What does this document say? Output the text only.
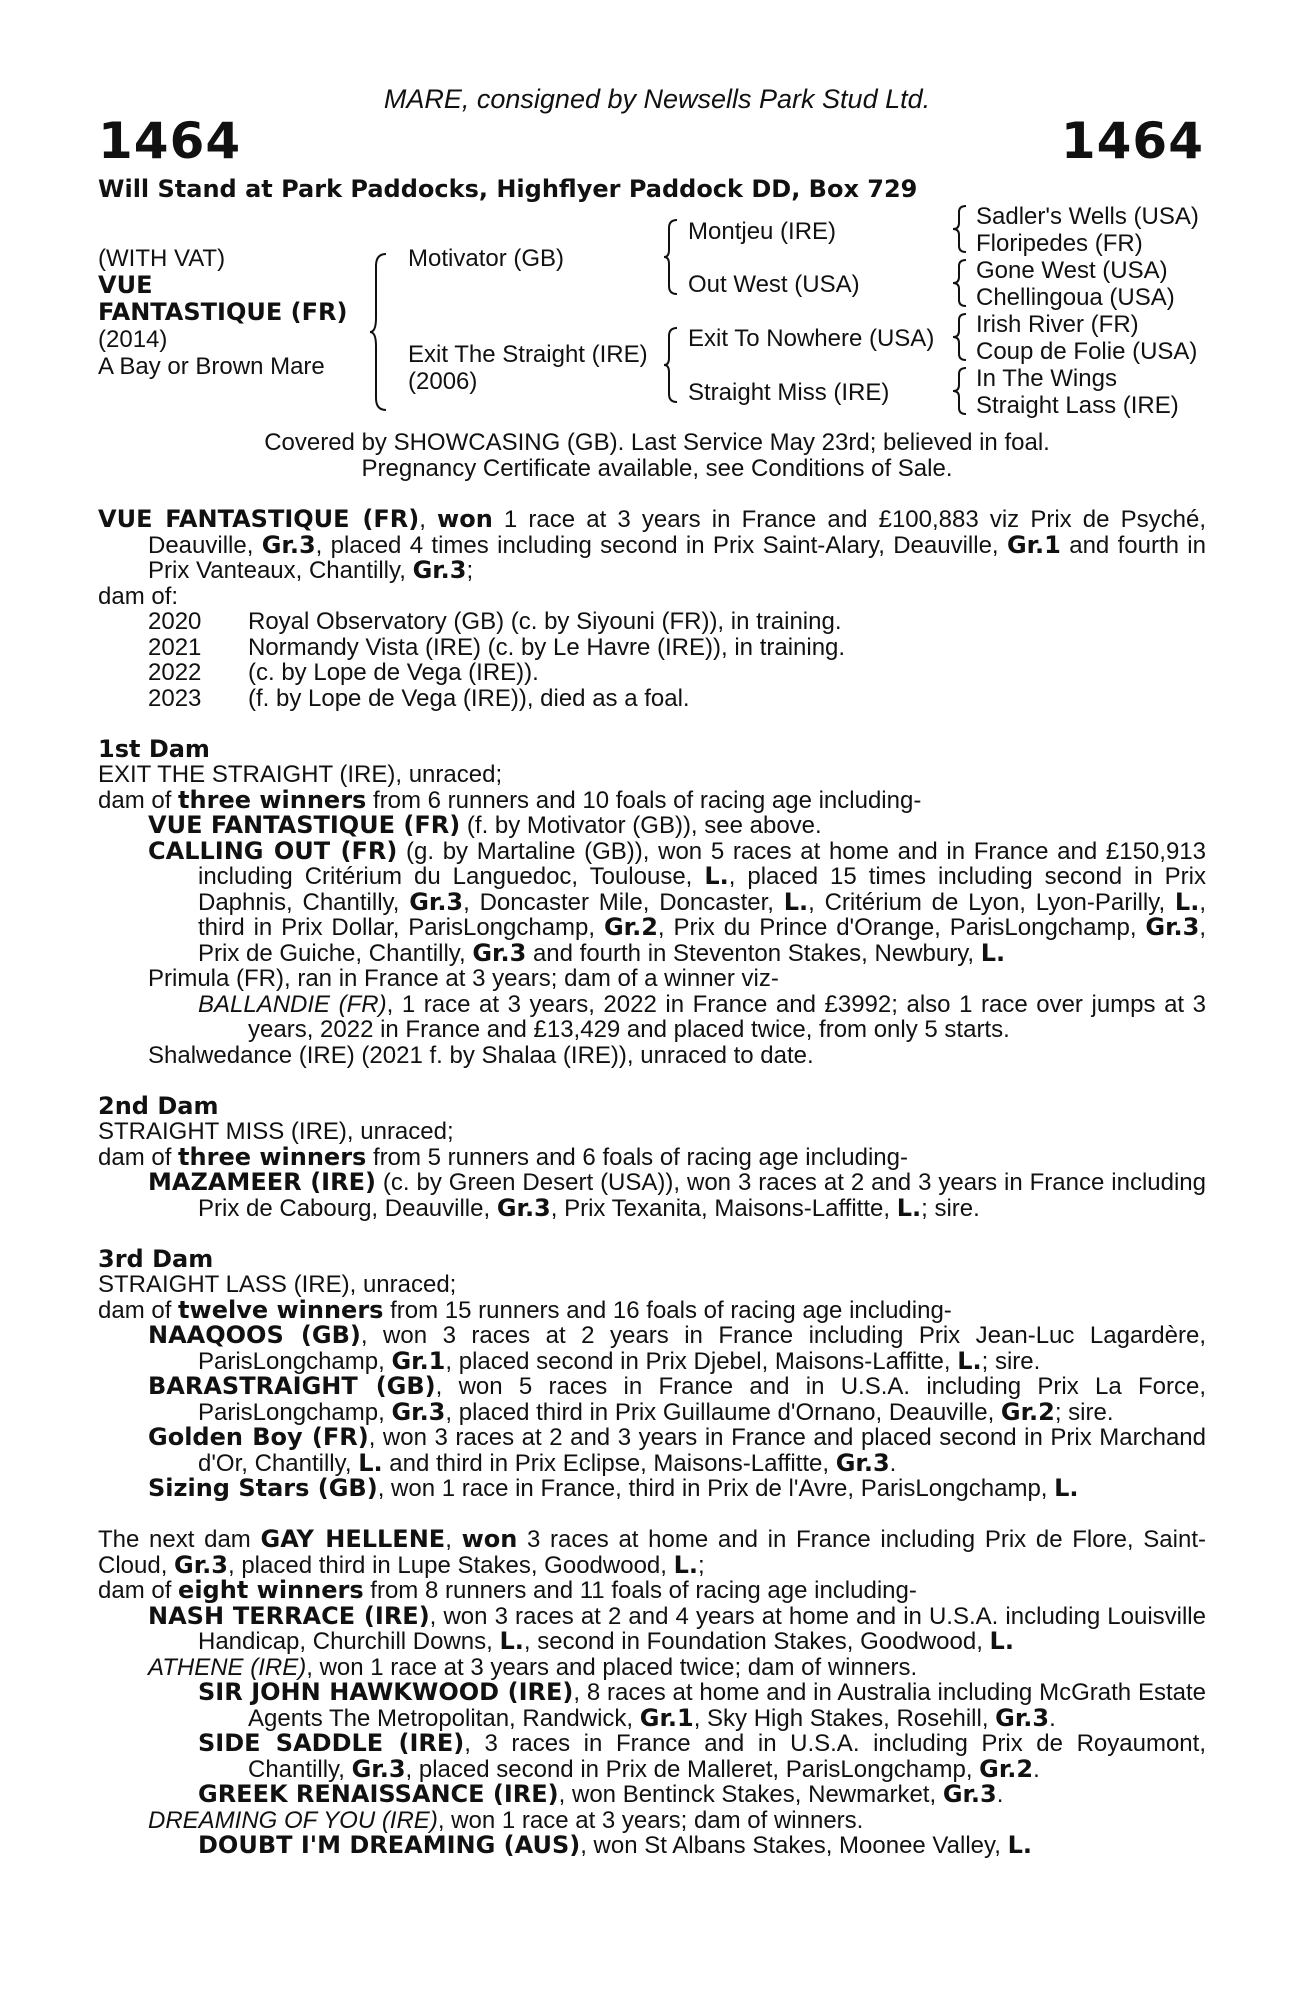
MARE, consigned by Newsells Park Stud Ltd.
1464	1464
Will Stand at Park Paddocks, Highflyer Paddock DD, Box 729
(WITH VAT)
VUE
FANTASTIQUE (FR)
(2014)
A Bay or Brown Mare
Motivator (GB)
Exit The Straight (IRE)
(2006)
Montjeu (IRE)
Out West (USA)
Exit To Nowhere (USA)
Straight Miss (IRE)
Sadler's Wells (USA)
Floripedes (FR)
Gone West (USA)
Chellingoua (USA)
Irish River (FR)
Coup de Folie (USA)
In The Wings
Straight Lass (IRE)
Covered by SHOWCASING (GB). Last Service May 23rd; believed in foal.
Pregnancy Certificate available, see Conditions of Sale.

VUE FANTASTIQUE (FR), won 1 race at 3 years in France and £100,883 viz Prix de Psyché, Deauville, Gr.3, placed 4 times including second in Prix Saint-Alary, Deauville, Gr.1 and fourth in Prix Vanteaux, Chantilly, Gr.3;

dam of:

2020	Royal Observatory (GB) (c. by Siyouni (FR)), in training.
2021	Normandy Vista (IRE) (c. by Le Havre (IRE)), in training.
2022	(c. by Lope de Vega (IRE)).
2023	(f. by Lope de Vega (IRE)), died as a foal.

1st Dam

EXIT THE STRAIGHT (IRE), unraced;

dam of three winners from 6 runners and 10 foals of racing age including-

VUE FANTASTIQUE (FR) (f. by Motivator (GB)), see above.

CALLING OUT (FR) (g. by Martaline (GB)), won 5 races at home and in France and £150,913 including Critérium du Languedoc, Toulouse, L., placed 15 times including second in Prix Daphnis, Chantilly, Gr.3, Doncaster Mile, Doncaster, L., Critérium de Lyon, Lyon-Parilly, L., third in Prix Dollar, ParisLongchamp, Gr.2, Prix du Prince d'Orange, ParisLongchamp, Gr.3, Prix de Guiche, Chantilly, Gr.3 and fourth in Steventon Stakes, Newbury, L.

Primula (FR), ran in France at 3 years; dam of a winner viz-

BALLANDIE (FR), 1 race at 3 years, 2022 in France and £3992; also 1 race over jumps at 3 years, 2022 in France and £13,429 and placed twice, from only 5 starts.

Shalwedance (IRE) (2021 f. by Shalaa (IRE)), unraced to date.

2nd Dam

STRAIGHT MISS (IRE), unraced;

dam of three winners from 5 runners and 6 foals of racing age including-

MAZAMEER (IRE) (c. by Green Desert (USA)), won 3 races at 2 and 3 years in France including Prix de Cabourg, Deauville, Gr.3, Prix Texanita, Maisons-Laffitte, L.; sire.

3rd Dam

STRAIGHT LASS (IRE), unraced;

dam of twelve winners from 15 runners and 16 foals of racing age including-

NAAQOOS (GB), won 3 races at 2 years in France including Prix Jean-Luc Lagardère, ParisLongchamp, Gr.1, placed second in Prix Djebel, Maisons-Laffitte, L.; sire.

BARASTRAIGHT (GB), won 5 races in France and in U.S.A. including Prix La Force, ParisLongchamp, Gr.3, placed third in Prix Guillaume d'Ornano, Deauville, Gr.2; sire.

Golden Boy (FR), won 3 races at 2 and 3 years in France and placed second in Prix Marchand d'Or, Chantilly, L. and third in Prix Eclipse, Maisons-Laffitte, Gr.3.

Sizing Stars (GB), won 1 race in France, third in Prix de l'Avre, ParisLongchamp, L.

The next dam GAY HELLENE, won 3 races at home and in France including Prix de Flore, Saint-Cloud, Gr.3, placed third in Lupe Stakes, Goodwood, L.;

dam of eight winners from 8 runners and 11 foals of racing age including-

NASH TERRACE (IRE), won 3 races at 2 and 4 years at home and in U.S.A. including Louisville Handicap, Churchill Downs, L., second in Foundation Stakes, Goodwood, L.

ATHENE (IRE), won 1 race at 3 years and placed twice; dam of winners.

SIR JOHN HAWKWOOD (IRE), 8 races at home and in Australia including McGrath Estate Agents The Metropolitan, Randwick, Gr.1, Sky High Stakes, Rosehill, Gr.3.

SIDE SADDLE (IRE), 3 races in France and in U.S.A. including Prix de Royaumont, Chantilly, Gr.3, placed second in Prix de Malleret, ParisLongchamp, Gr.2.

GREEK RENAISSANCE (IRE), won Bentinck Stakes, Newmarket, Gr.3.

DREAMING OF YOU (IRE), won 1 race at 3 years; dam of winners.

DOUBT I'M DREAMING (AUS), won St Albans Stakes, Moonee Valley, L.
